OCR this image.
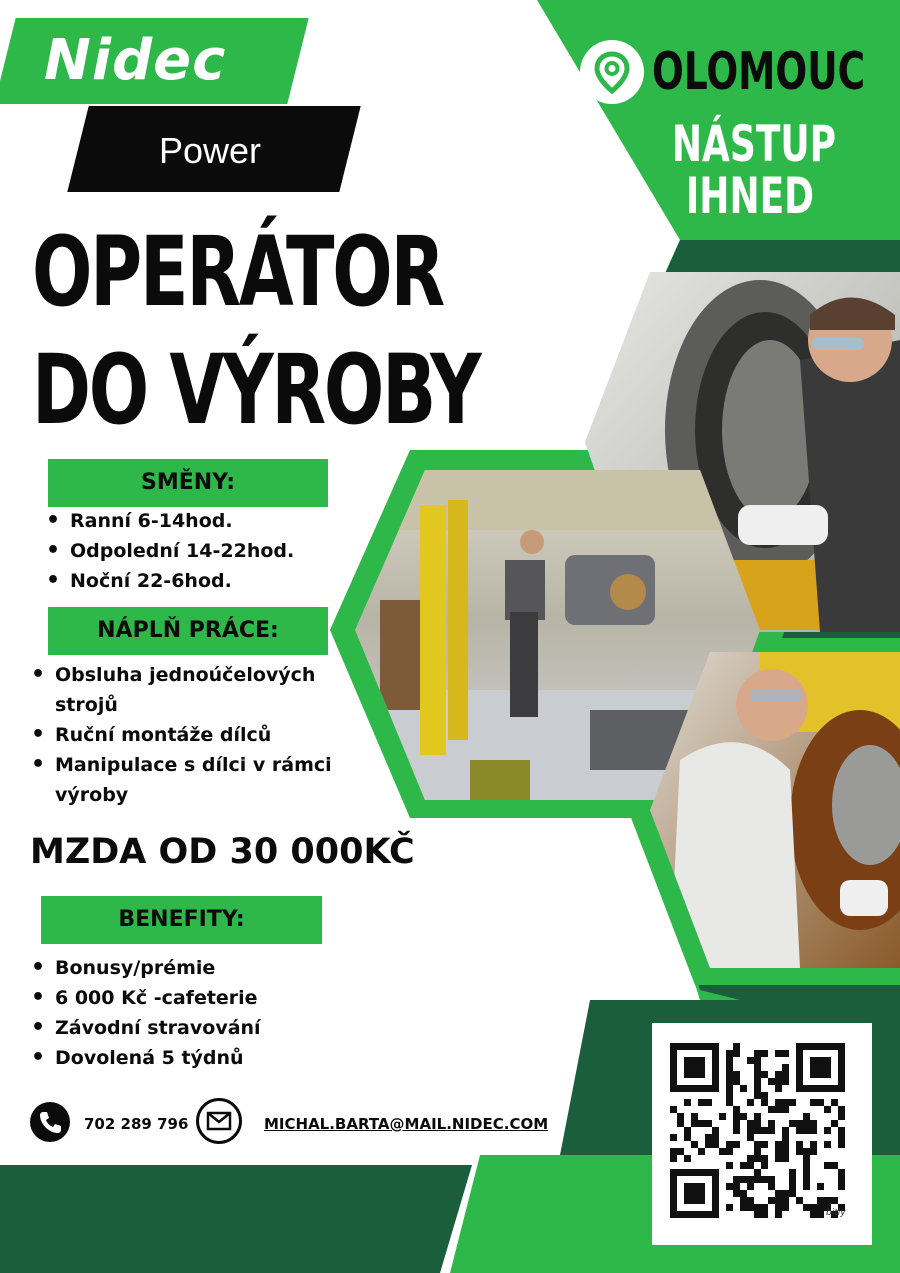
Nidec
Power
OPERÁTOR
DO VÝROBY
OLOMOUC
NÁSTUP
IHNED
SMĚNY:
• Ranní 6-14hod.
• Odpolední 14-22hod.
• Noční 22-6hod.
NÁPLŇ PRÁCE:
• Obsluha jednoúčelových strojů
• Ruční montáže dílců
• Manipulace s dílci v rámci výroby
MZDA OD 30 000KČ
BENEFITY:
• Bonusy/prémie
• 6 000 Kč -cafeterie
• Závodní stravování
• Dovolená 5 týdnů
702 289 796	MICHAL.BARTA@MAIL.NIDEC.COM
bitly
